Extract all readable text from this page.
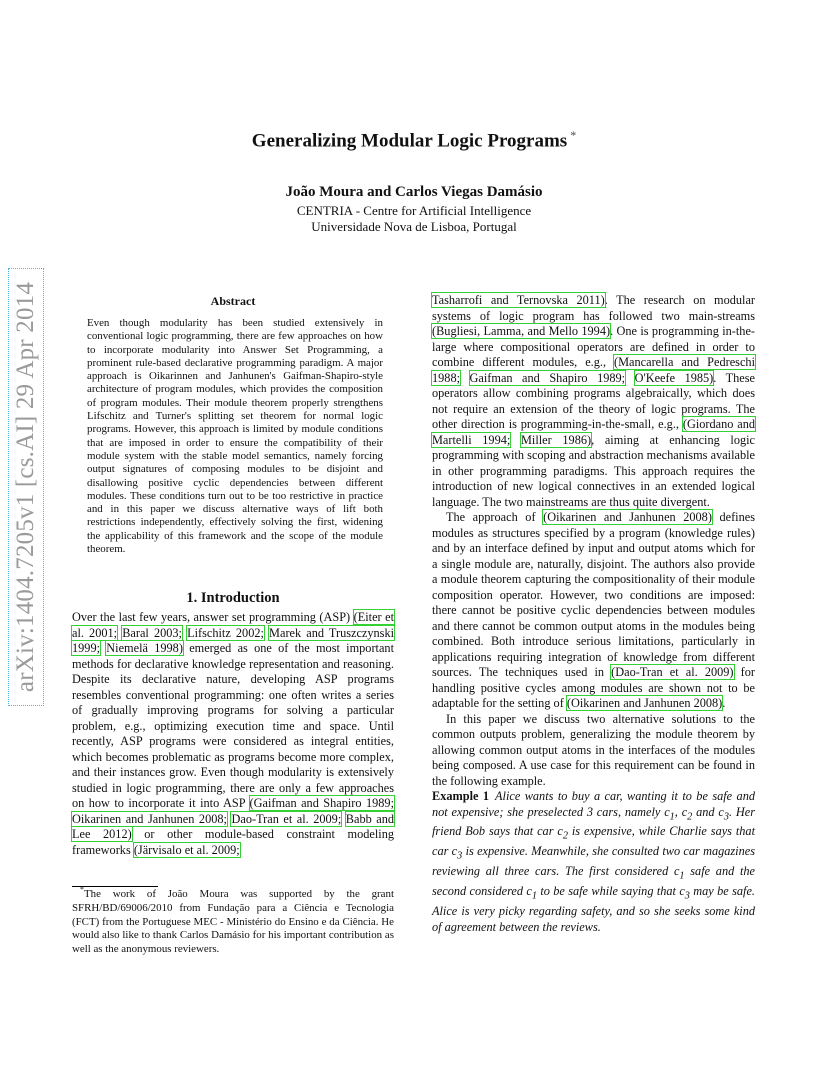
arXiv:1404.7205v1 [cs.AI] 29 Apr 2014
Generalizing Modular Logic Programs *
João Moura and Carlos Viegas Damásio
CENTRIA - Centre for Artificial Intelligence
Universidade Nova de Lisboa, Portugal
Abstract
Even though modularity has been studied extensively in conventional logic programming, there are few approaches on how to incorporate modularity into Answer Set Programming, a prominent rule-based declarative programming paradigm. A major approach is Oikarinnen and Janhunen's Gaifman-Shapiro-style architecture of program modules, which provides the composition of program modules. Their module theorem properly strengthens Lifschitz and Turner's splitting set theorem for normal logic programs. However, this approach is limited by module conditions that are imposed in order to ensure the compatibility of their module system with the stable model semantics, namely forcing output signatures of composing modules to be disjoint and disallowing positive cyclic dependencies between different modules. These conditions turn out to be too restrictive in practice and in this paper we discuss alternative ways of lift both restrictions independently, effectively solving the first, widening the applicability of this framework and the scope of the module theorem.
1. Introduction

Over the last few years, answer set programming (ASP) (Eiter et al. 2001; Baral 2003; Lifschitz 2002; Marek and Truszczynski 1999; Niemelä 1998) emerged as one of the most important methods for declarative knowledge representation and reasoning. Despite its declarative nature, developing ASP programs resembles conventional programming: one often writes a series of gradually improving programs for solving a particular problem, e.g., optimizing execution time and space. Until recently, ASP programs were considered as integral entities, which becomes problematic as programs become more complex, and their instances grow. Even though modularity is extensively studied in logic programming, there are only a few approaches on how to incorporate it into ASP (Gaifman and Shapiro 1989; Oikarinen and Janhunen 2008; Dao-Tran et al. 2009; Babb and Lee 2012) or other module-based constraint modeling frameworks (Järvisalo et al. 2009;

*The work of João Moura was supported by the grant SFRH/BD/69006/2010 from Fundação para a Ciência e Tecnologia (FCT) from the Portuguese MEC - Ministério do Ensino e da Ciência. He would also like to thank Carlos Damásio for his important contribution as well as the anonymous reviewers.

Tasharrofi and Ternovska 2011). The research on modular systems of logic program has followed two main-streams (Bugliesi, Lamma, and Mello 1994). One is programming in-the-large where compositional operators are defined in order to combine different modules, e.g., (Mancarella and Pedreschi 1988; Gaifman and Shapiro 1989; O'Keefe 1985). These operators allow combining programs algebraically, which does not require an extension of the theory of logic programs. The other direction is programming-in-the-small, e.g., (Giordano and Martelli 1994; Miller 1986), aiming at enhancing logic programming with scoping and abstraction mechanisms available in other programming paradigms. This approach requires the introduction of new logical connectives in an extended logical language. The two mainstreams are thus quite divergent.

The approach of (Oikarinen and Janhunen 2008) defines modules as structures specified by a program (knowledge rules) and by an interface defined by input and output atoms which for a single module are, naturally, disjoint. The authors also provide a module theorem capturing the compositionality of their module composition operator. However, two conditions are imposed: there cannot be positive cyclic dependencies between modules and there cannot be common output atoms in the modules being combined. Both introduce serious limitations, particularly in applications requiring integration of knowledge from different sources. The techniques used in (Dao-Tran et al. 2009) for handling positive cycles among modules are shown not to be adaptable for the setting of (Oikarinen and Janhunen 2008).

In this paper we discuss two alternative solutions to the common outputs problem, generalizing the module theorem by allowing common output atoms in the interfaces of the modules being composed. A use case for this requirement can be found in the following example.

Example 1 Alice wants to buy a car, wanting it to be safe and not expensive; she preselected 3 cars, namely $c_1$, $c_2$ and $c_3$. Her friend Bob says that car $c_2$ is expensive, while Charlie says that car $c_3$ is expensive. Meanwhile, she consulted two car magazines reviewing all three cars. The first considered $c_1$ safe and the second considered $c_1$ to be safe while saying that $c_3$ may be safe. Alice is very picky regarding safety, and so she seeks some kind of agreement between the reviews.
